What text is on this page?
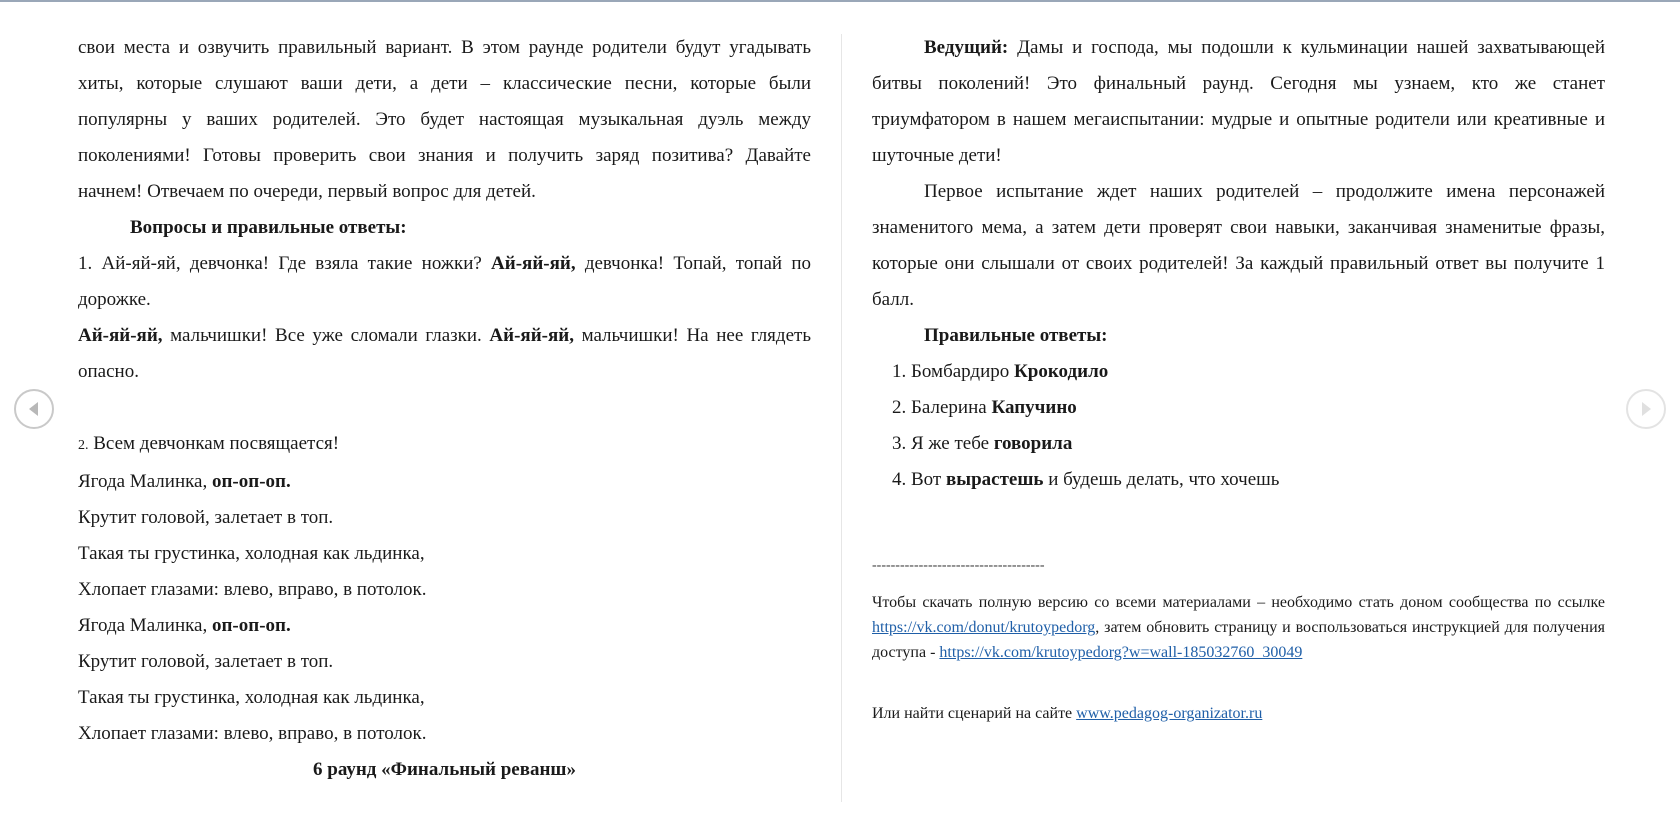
свои места и озвучить правильный вариант. В этом раунде родители будут угадывать хиты, которые слушают ваши дети, а дети – классические песни, которые были популярны у ваших родителей. Это будет настоящая музыкальная дуэль между поколениями! Готовы проверить свои знания и получить заряд позитива? Давайте начнем! Отвечаем по очереди, первый вопрос для детей.

Вопросы и правильные ответы:

1. Ай-яй-яй, девчонка! Где взяла такие ножки? Ай-яй-яй, девчонка! Топай, топай по дорожке.

Ай-яй-яй, мальчишки! Все уже сломали глазки. Ай-яй-яй, мальчишки! На нее глядеть опасно.

2. Всем девчонкам посвящается!

Ягода Малинка, оп-оп-оп.

Крутит головой, залетает в топ.

Такая ты грустинка, холодная как льдинка,

Хлопает глазами: влево, вправо, в потолок.

Ягода Малинка, оп-оп-оп.

Крутит головой, залетает в топ.

Такая ты грустинка, холодная как льдинка,

Хлопает глазами: влево, вправо, в потолок.

6 раунд «Финальный реванш»

Ведущий: Дамы и господа, мы подошли к кульминации нашей захватывающей битвы поколений! Это финальный раунд. Сегодня мы узнаем, кто же станет триумфатором в нашем мегаиспытании: мудрые и опытные родители или креативные и шуточные дети!

Первое испытание ждет наших родителей – продолжите имена персонажей знаменитого мема, а затем дети проверят свои навыки, заканчивая знаменитые фразы, которые они слышали от своих родителей! За каждый правильный ответ вы получите 1 балл.

Правильные ответы:

1. Бомбардиро Крокодило
2. Балерина Капучино
3. Я же тебе говорила
4. Вот вырастешь и будешь делать, что хочешь

-------------------------------------

Чтобы скачать полную версию со всеми материалами – необходимо стать доном сообщества по ссылке https://vk.com/donut/krutoypedorg, затем обновить страницу и воспользоваться инструкцией для получения доступа - https://vk.com/krutoypedorg?w=wall-185032760_30049

Или найти сценарий на сайте www.pedagog-organizator.ru
